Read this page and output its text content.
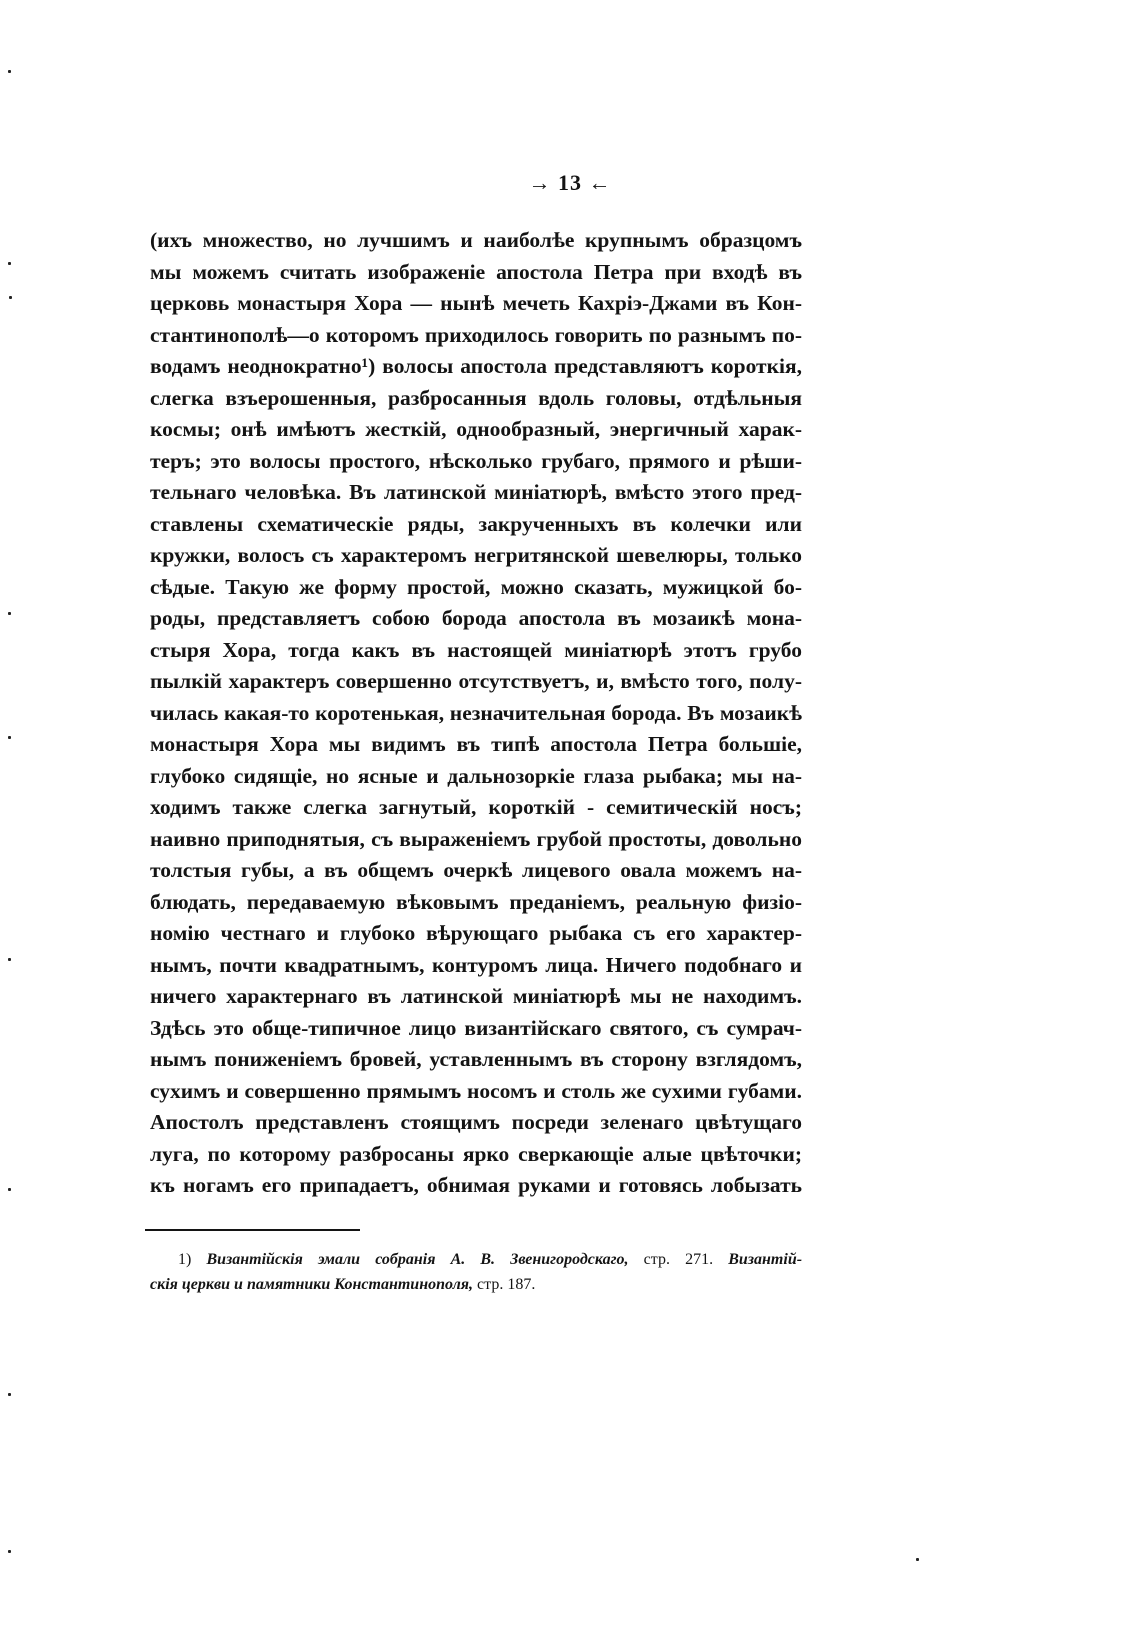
→ 13 ←
(ихъ множество, но лучшимъ и наиболѣе крупнымъ образцомъ
мы можемъ считать изображенiе апостола Петра при входѣ въ
церковь монастыря Хора — нынѣ мечеть Кахрiэ-Джами въ Кон-
стантинополѣ—о которомъ приходилось говорить по разнымъ по-
водамъ неоднократно¹) волосы апостола представляютъ короткiя,
слегка взъерошенныя, разбросанныя вдоль головы, отдѣльныя
космы; онѣ имѣютъ жесткiй, однообразный, энергичный харак-
теръ; это волосы простого, нѣсколько грубаго, прямого и рѣши-
тельнаго человѣка. Въ латинской миніатюрѣ, вмѣсто этого пред-
ставлены схематическiе ряды, закрученныхъ въ колечки или
кружки, волосъ съ характеромъ негритянской шевелюры, только
сѣдые. Такую же форму простой, можно сказать, мужицкой бо-
роды, представляетъ собою борода апостола въ мозаикѣ мона-
стыря Хора, тогда какъ въ настоящей миніатюрѣ этотъ грубо
пылкiй характеръ совершенно отсутствуетъ, и, вмѣсто того, полу-
чилась какая-то коротенькая, незначительная борода. Въ мозаикѣ
монастыря Хора мы видимъ въ типѣ апостола Петра большiе,
глубоко сидящiе, но ясные и дальнозоркiе глаза рыбака; мы на-
ходимъ также слегка загнутый, короткiй - семитическiй носъ;
наивно приподнятыя, съ выраженiемъ грубой простоты, довольно
толстыя губы, а въ общемъ очеркѣ лицевого овала можемъ на-
блюдать, передаваемую вѣковымъ преданiемъ, реальную физiо-
номiю честнаго и глубоко вѣрующаго рыбака съ его характер-
нымъ, почти квадратнымъ, контуромъ лица. Ничего подобнаго и
ничего характернаго въ латинской миніатюрѣ мы не находимъ.
Здѣсь это обще-типичное лицо византiйскаго святого, съ сумрач-
нымъ пониженiемъ бровей, уставленнымъ въ сторону взглядомъ,
сухимъ и совершенно прямымъ носомъ и столь же сухими губами.
Апостолъ представленъ стоящимъ посреди зеленаго цвѣтущаго
луга, по которому разбросаны ярко сверкающiе алые цвѣточки;
къ ногамъ его припадаетъ, обнимая руками и готовясь лобызать
1) Византiйскiя эмали собранiя А. В. Звенигородскаго, стр. 271. Византiй-
скiя церкви и памятники Константинополя, стр. 187.
